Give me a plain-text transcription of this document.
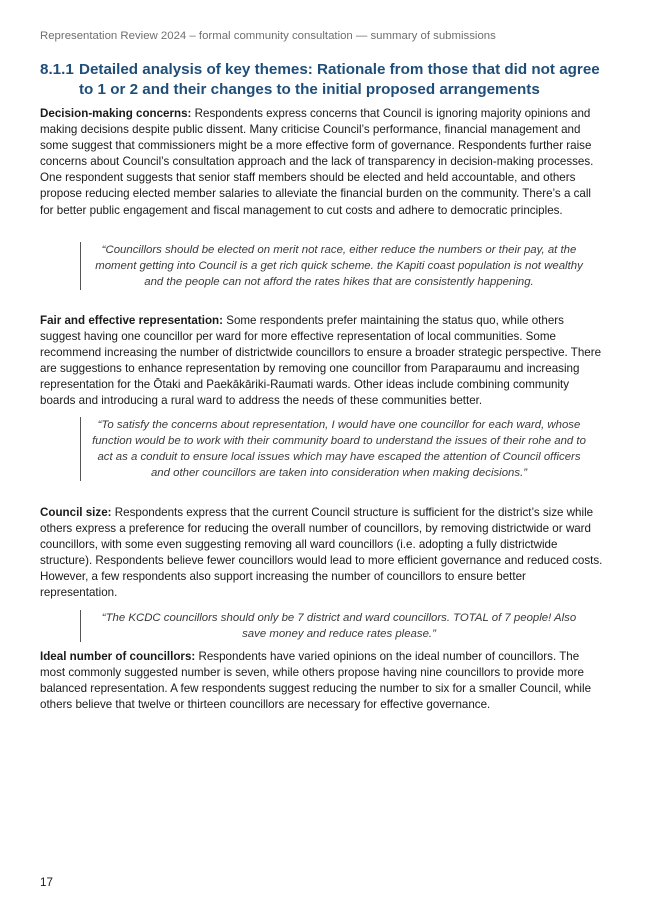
Representation Review 2024 – formal community consultation — summary of submissions
8.1.1 Detailed analysis of key themes: Rationale from those that did not agree to 1 or 2 and their changes to the initial proposed arrangements

Decision-making concerns: Respondents express concerns that Council is ignoring majority opinions and making decisions despite public dissent. Many criticise Council’s performance, financial management and some suggest that commissioners might be a more effective form of governance. Respondents further raise concerns about Council’s consultation approach and the lack of transparency in decision-making processes. One respondent suggests that senior staff members should be elected and held accountable, and others propose reducing elected member salaries to alleviate the financial burden on the community. There’s a call for better public engagement and fiscal management to cut costs and adhere to democratic principles.

“Councillors should be elected on merit not race, either reduce the numbers or their pay, at the moment getting into Council is a get rich quick scheme. the Kapiti coast population is not wealthy and the people can not afford the rates hikes that are consistently happening.

Fair and effective representation: Some respondents prefer maintaining the status quo, while others suggest having one councillor per ward for more effective representation of local communities. Some recommend increasing the number of districtwide councillors to ensure a broader strategic perspective. There are suggestions to enhance representation by removing one councillor from Paraparaumu and increasing representation for the Ōtaki and Paekākāriki-Raumati wards. Other ideas include combining community boards and introducing a rural ward to address the needs of these communities better.

“To satisfy the concerns about representation, I would have one councillor for each ward, whose function would be to work with their community board to understand the issues of their rohe and to act as a conduit to ensure local issues which may have escaped the attention of Council officers and other councillors are taken into consideration when making decisions.”

Council size: Respondents express that the current Council structure is sufficient for the district’s size while others express a preference for reducing the overall number of councillors, by removing districtwide or ward councillors, with some even suggesting removing all ward councillors (i.e. adopting a fully districtwide structure). Respondents believe fewer councillors would lead to more efficient governance and reduced costs. However, a few respondents also support increasing the number of councillors to ensure better representation.

“The KCDC councillors should only be 7 district and ward councillors. TOTAL of 7 people! Also save money and reduce rates please.”

Ideal number of councillors: Respondents have varied opinions on the ideal number of councillors. The most commonly suggested number is seven, while others propose having nine councillors to provide more balanced representation. A few respondents suggest reducing the number to six for a smaller Council, while others believe that twelve or thirteen councillors are necessary for effective governance.

17
